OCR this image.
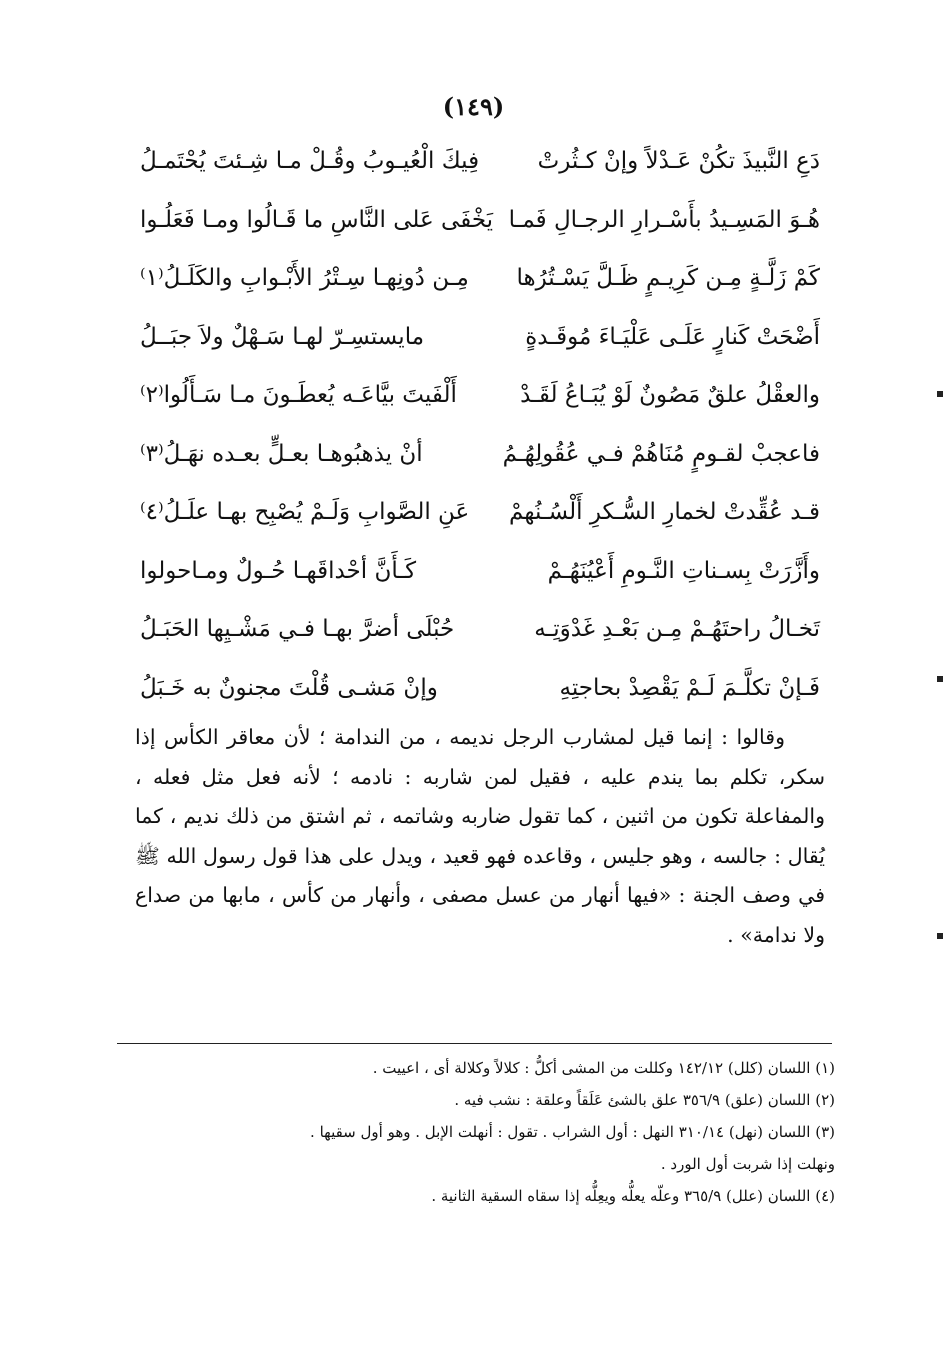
(١٤٩)
دَعِ النَّبيذَ تكُنْ عَـدْلاً وإنْ كـثُرتْ
فِيكَ الْعُيـوبُ وقُـلْ مـا شِـئتَ يُحْتَمـلُ
هُـوَ المَسِـيدُ بأَسْـرارِ الرجـالِ فَمـا
يَخْفَى عَلى النَّاسِ ما قَـالُوا ومـا فَعَلُـوا
كَمْ زَلَّـةٍ مِـن كَرِيـمٍ ظَـلَّ يَسْـتُرُها
مِـن دُونِهـا سِـتْرُ الأَبْـوابِ والكَلَـلُ⁽١⁾
أَضْحَتْ كَنارٍ عَلَـى عَلْيَـاءَ مُوقَـدةٍ
مايستسِـرّ لهـا سَـهْلٌ ولاَ جبَــلُ
والعقْلُ علقٌ مَصُونٌ لَوْ يُبَـاعُ لَقَـدْ
أَلْفَيتَ بيَّاعَـه يُعطَـونَ مـا سَـأَلُوا⁽٢⁾
فاعجبْ لقـومٍ مُنَاهُمْ فـي عُقُولِهُـمُ
أنْ يذهبُوهـا بعـلٍّ بعـده نهَـلُ⁽٣⁾
قـد عُقِّدتْ لخمارِ السُّـكرِ أَلْسُـنُهمْ
عَنِ الصَّوابِ وَلَـمْ يُصْبِح بهـا علَـلُ⁽٤⁾
وأَزَّرَتْ بِسـناتِ النَّـومِ أَعْيُنَهُـمْ
كَـأَنَّ أحْداقَهـا حُـولٌ ومـاحولوا
تَخـالُ راحتَهُـمْ مِـن بَعْـدِ غَدْوَتِـه
حُبْلَى أضرَّ بهـا فـي مَشْـيِها الحَبَـلُ
فَـإنْ تكلَّـمَ لَـمْ يَقْصِدْ بحاجتِهِ
وإنْ مَشـى قُلْتَ مجنونٌ به خَـبَلُ

وقالوا : إنما قيل لمشارب الرجل نديمه ، من الندامة ؛ لأن معاقر الكأس إذا سكر، تكلم بما يندم عليه ، فقيل لمن شاربه : نادمه ؛ لأنه فعل مثل فعله ، والمفاعلة تكون من اثنين ، كما تقول ضاربه وشاتمه ، ثم اشتق من ذلك نديم ، كما يُقال : جالسه ، وهو جليس ، وقاعده فهو قعيد ، ويدل على هذا قول رسول الله ﷺ في وصف الجنة : «فيها أنهار من عسل مصفى ، وأنهار من كأس ، مابها من صداع ولا ندامة» .

(١) اللسان (كلل) ١٤٢/١٢ وكللت من المشى أكلُّ : كلالاً وكلالة أى ، اعييت .

(٢) اللسان (علق) ٣٥٦/٩ علق بالشئ عَلَقاً وعلقة : نشب فيه .

(٣) اللسان (نهل) ٣١٠/١٤ النهل : أول الشراب . تقول : أنهلت الإبل . وهو أول سقيها .
ونهلت إذا شربت أول الورد .

(٤) اللسان (علل) ٣٦٥/٩ وعلّه يعلُّه ويعِلُّه إذا سقاه السقية الثانية .
